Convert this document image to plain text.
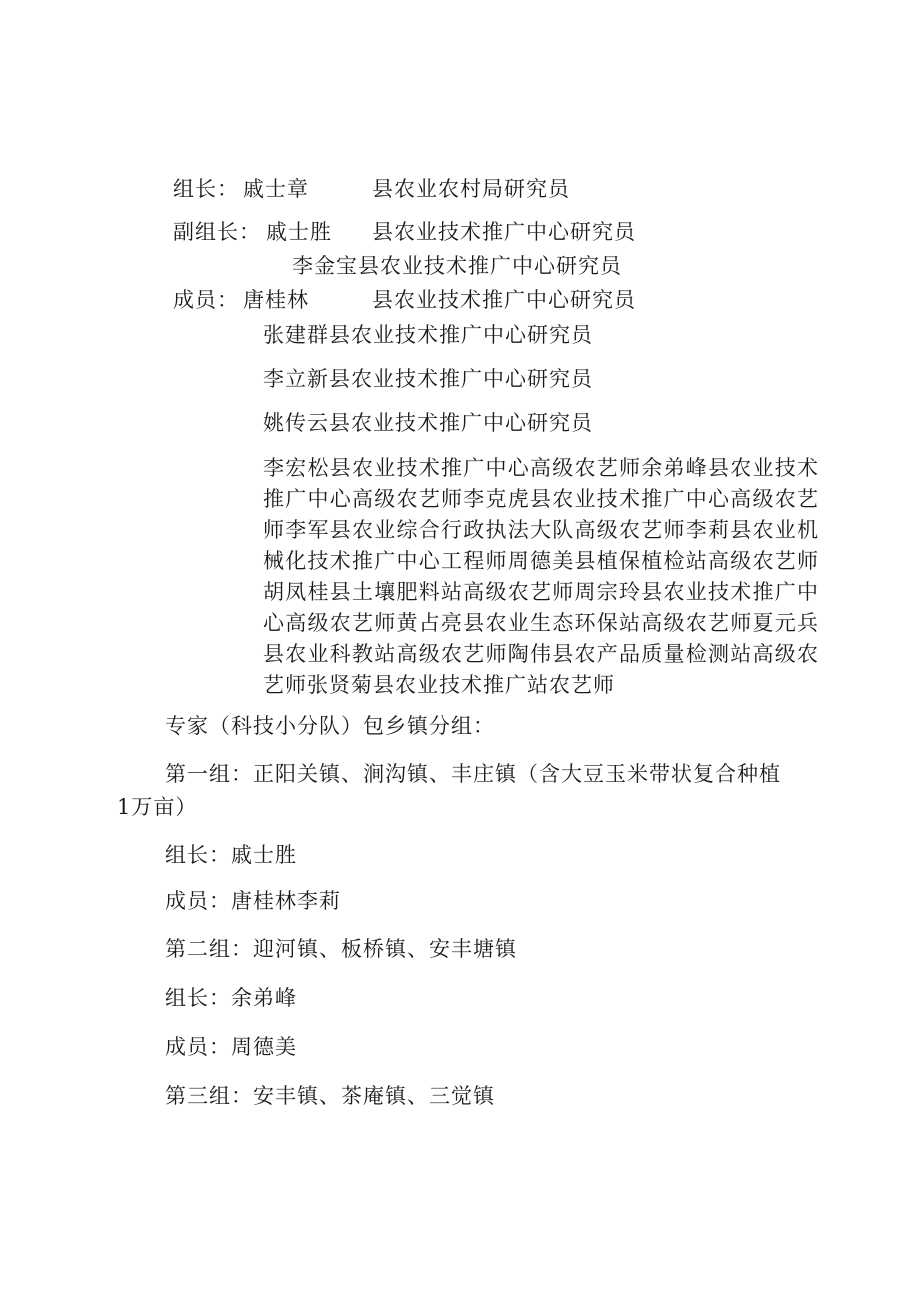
组长： 戚士章	县农业农村局研究员
副组长： 戚士胜 县农业技术推广中心研究员
李金宝县农业技术推广中心研究员
成员： 唐桂林	县农业技术推广中心研究员
张建群县农业技术推广中心研究员
李立新县农业技术推广中心研究员
姚传云县农业技术推广中心研究员
李宏松县农业技术推广中心高级农艺师余弟峰县农业技术推广中心高级农艺师李克虎县农业技术推广中心高级农艺师李军县农业综合行政执法大队高级农艺师李莉县农业机械化技术推广中心工程师周德美县植保植检站高级农艺师胡凤桂县土壤肥料站高级农艺师周宗玲县农业技术推广中心高级农艺师黄占亮县农业生态环保站高级农艺师夏元兵县农业科教站高级农艺师陶伟县农产品质量检测站高级农艺师张贤菊县农业技术推广站农艺师
专家（科技小分队）包乡镇分组：
第一组：正阳关镇、涧沟镇、丰庄镇（含大豆玉米带状复合种植
1万亩）
组长：戚士胜
成员：唐桂林李莉
第二组：迎河镇、板桥镇、安丰塘镇
组长：余弟峰
成员：周德美
第三组：安丰镇、茶庵镇、三觉镇
